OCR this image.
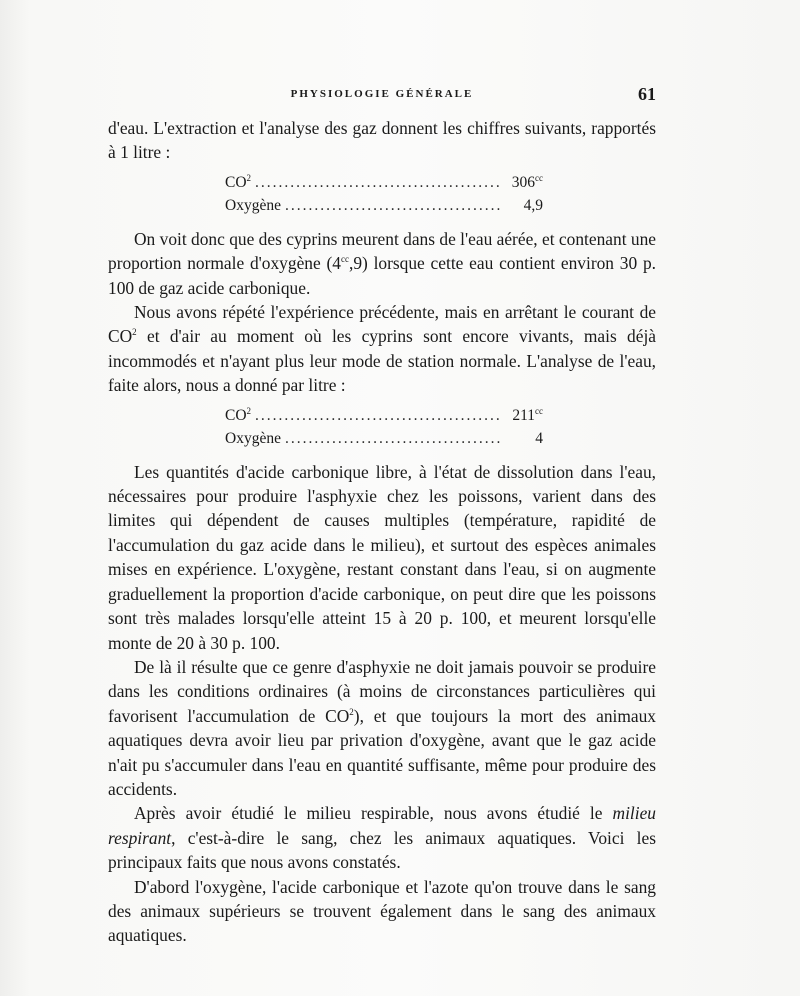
PHYSIOLOGIE GÉNÉRALE	61

d'eau. L'extraction et l'analyse des gaz donnent les chiffres suivants, rapportés à 1 litre :

$CO^2$ .....	$306^{cc}$
Oxygène .....	4,9

On voit donc que des cyprins meurent dans de l'eau aérée, et contenant une proportion normale d'oxygène $(4^{cc},9)$ lorsque cette eau contient environ 30 p. 100 de gaz acide carbonique.

Nous avons répété l'expérience précédente, mais en arrêtant le courant de $CO^2$ et d'air au moment où les cyprins sont encore vivants, mais déjà incommodés et n'ayant plus leur mode de station normale. L'analyse de l'eau, faite alors, nous a donné par litre :

$CO^2$ .....	$211^{cc}$
Oxygène .....	4

Les quantités d'acide carbonique libre, à l'état de dissolution dans l'eau, nécessaires pour produire l'asphyxie chez les poissons, varient dans des limites qui dépendent de causes multiples (température, rapidité de l'accumulation du gaz acide dans le milieu), et surtout des espèces animales mises en expérience. L'oxygène, restant constant dans l'eau, si on augmente graduellement la proportion d'acide carbonique, on peut dire que les poissons sont très malades lorsqu'elle atteint 15 à 20 p. 100, et meurent lorsqu'elle monte de 20 à 30 p. 100.

De là il résulte que ce genre d'asphyxie ne doit jamais pouvoir se produire dans les conditions ordinaires (à moins de circonstances particulières qui favorisent l'accumulation de $CO^2$), et que toujours la mort des animaux aquatiques devra avoir lieu par privation d'oxygène, avant que le gaz acide n'ait pu s'accumuler dans l'eau en quantité suffisante, même pour produire des accidents.

Après avoir étudié le milieu respirable, nous avons étudié le milieu respirant, c'est-à-dire le sang, chez les animaux aquatiques. Voici les principaux faits que nous avons constatés.

D'abord l'oxygène, l'acide carbonique et l'azote qu'on trouve dans le sang des animaux supérieurs se trouvent également dans le sang des animaux aquatiques.
